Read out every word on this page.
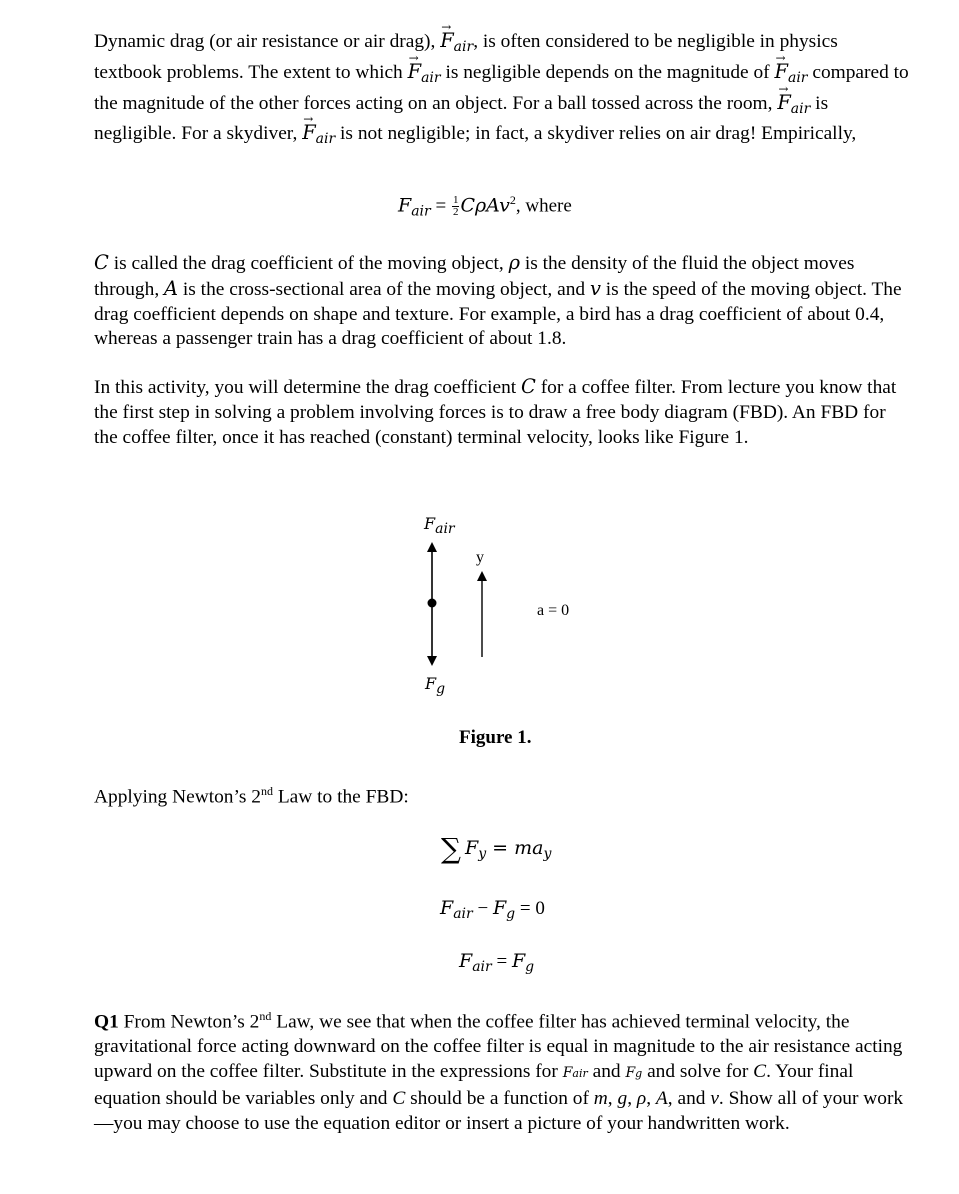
Dynamic drag (or air resistance or air drag), → $F_{air}$, is often considered to be negligible in physics textbook problems. The extent to which → $F_{air}$ is negligible depends on the magnitude of → $F_{air}$ compared to the magnitude of the other forces acting on an object. For a ball tossed across the room, → $F_{air}$ is negligible. For a skydiver, → $F_{air}$ is not negligible; in fact, a skydiver relies on air drag! Empirically,

$F_{air} = \frac{1}{2} C\rho Av^2$, where

C is called the drag coefficient of the moving object, ρ is the density of the fluid the object moves through, A is the cross-sectional area of the moving object, and v is the speed of the moving object. The drag coefficient depends on shape and texture. For example, a bird has a drag coefficient of about 0.4, whereas a passenger train has a drag coefficient of about 1.8.

In this activity, you will determine the drag coefficient C for a coffee filter. From lecture you know that the first step in solving a problem involving forces is to draw a free body diagram (FBD). An FBD for the coffee filter, once it has reached (constant) terminal velocity, looks like Figure 1.

Fair
y
a = 0
Fg
Figure 1.

Applying Newton’s 2nd Law to the FBD:

∑ $F_y = ma_y$
$F_{air} - F_g = 0$
$F_{air} = F_g$

Q1 From Newton’s 2nd Law, we see that when the coffee filter has achieved terminal velocity, the gravitational force acting downward on the coffee filter is equal in magnitude to the air resistance acting upward on the coffee filter. Substitute in the expressions for Fair and Fg and solve for C. Your final equation should be variables only and C should be a function of m, g, ρ, A, and v. Show all of your work—you may choose to use the equation editor or insert a picture of your handwritten work.
